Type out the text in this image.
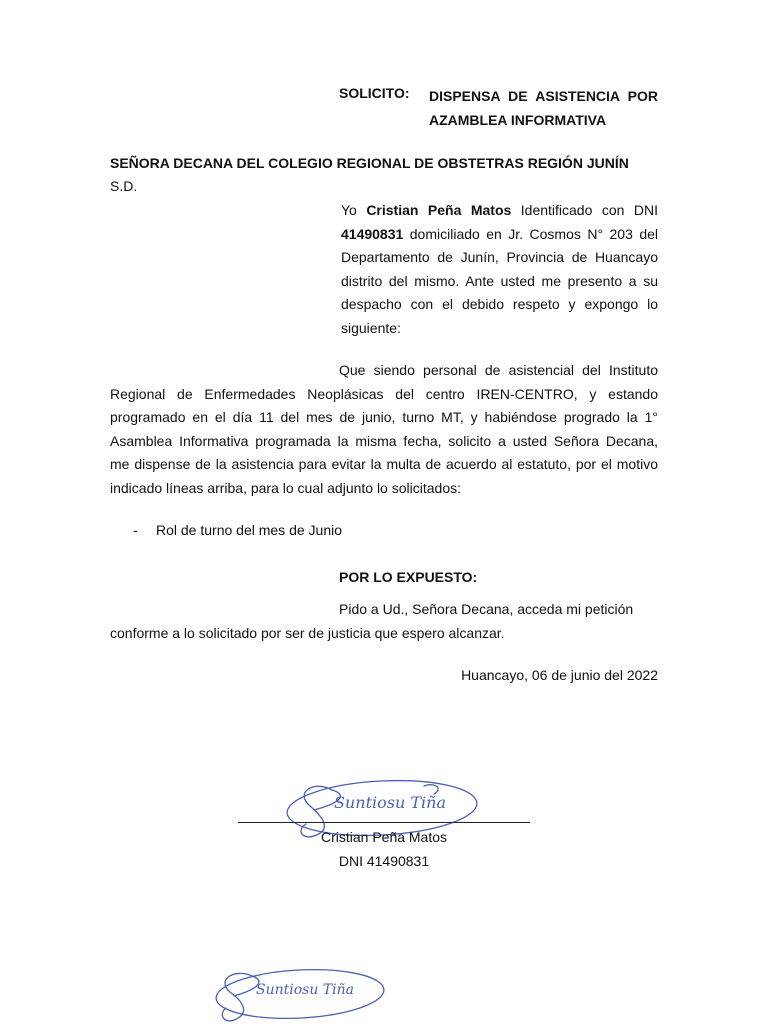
SOLICITO: DISPENSA DE ASISTENCIA POR
AZAMBLEA INFORMATIVA
SEÑORA DECANA DEL COLEGIO REGIONAL DE OBSTETRAS REGIÓN JUNÍN
S.D.
Yo Cristian Peña Matos Identificado con DNI
41490831 domiciliado en Jr. Cosmos N° 203 del
Departamento de Junín, Provincia de Huancayo
distrito del mismo. Ante usted me presento a su
despacho con el debido respeto y expongo lo
siguiente:
Que siendo personal de asistencial del Instituto
Regional de Enfermedades Neoplásicas del centro IREN-CENTRO, y estando
programado en el día 11 del mes de junio, turno MT, y habiéndose progrado la 1°
Asamblea Informativa programada la misma fecha, solicito a usted Señora Decana,
me dispense de la asistencia para evitar la multa de acuerdo al estatuto, por el motivo
indicado líneas arriba, para lo cual adjunto lo solicitados:
- Rol de turno del mes de Junio
POR LO EXPUESTO:
Pido a Ud., Señora Decana, acceda mi petición
conforme a lo solicitado por ser de justicia que espero alcanzar.
Huancayo, 06 de junio del 2022
Suntiosu Tiña
Cristian Peña Matos
DNI 41490831
Suntiosu Tiña
